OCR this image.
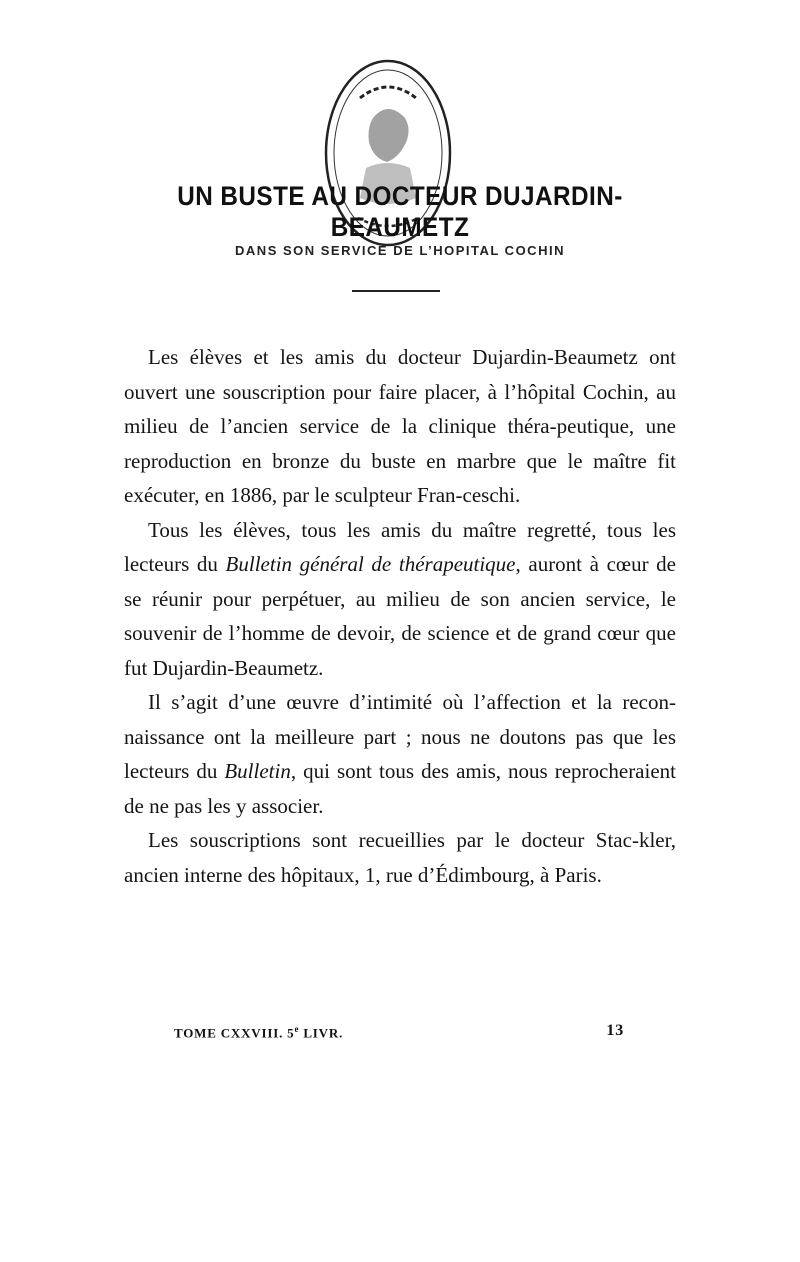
UN BUSTE AU DOCTEUR DUJARDIN-BEAUMETZ
DANS SON SERVICE DE L’HOPITAL COCHIN

Les élèves et les amis du docteur Dujardin-Beaumetz ont ouvert une souscription pour faire placer, à l’hôpital Cochin, au milieu de l’ancien service de la clinique théra-peutique, une reproduction en bronze du buste en marbre que le maître fit exécuter, en 1886, par le sculpteur Fran-ceschi.

Tous les élèves, tous les amis du maître regretté, tous les lecteurs du Bulletin général de thérapeutique, auront à cœur de se réunir pour perpétuer, au milieu de son ancien service, le souvenir de l’homme de devoir, de science et de grand cœur que fut Dujardin-Beaumetz.

Il s’agit d’une œuvre d’intimité où l’affection et la recon-naissance ont la meilleure part ; nous ne doutons pas que les lecteurs du Bulletin, qui sont tous des amis, nous reprocheraient de ne pas les y associer.

Les souscriptions sont recueillies par le docteur Stac-kler, ancien interne des hôpitaux, 1, rue d’Édimbourg, à Paris.

TOME CXXVIII. 5e LIVR.	13
